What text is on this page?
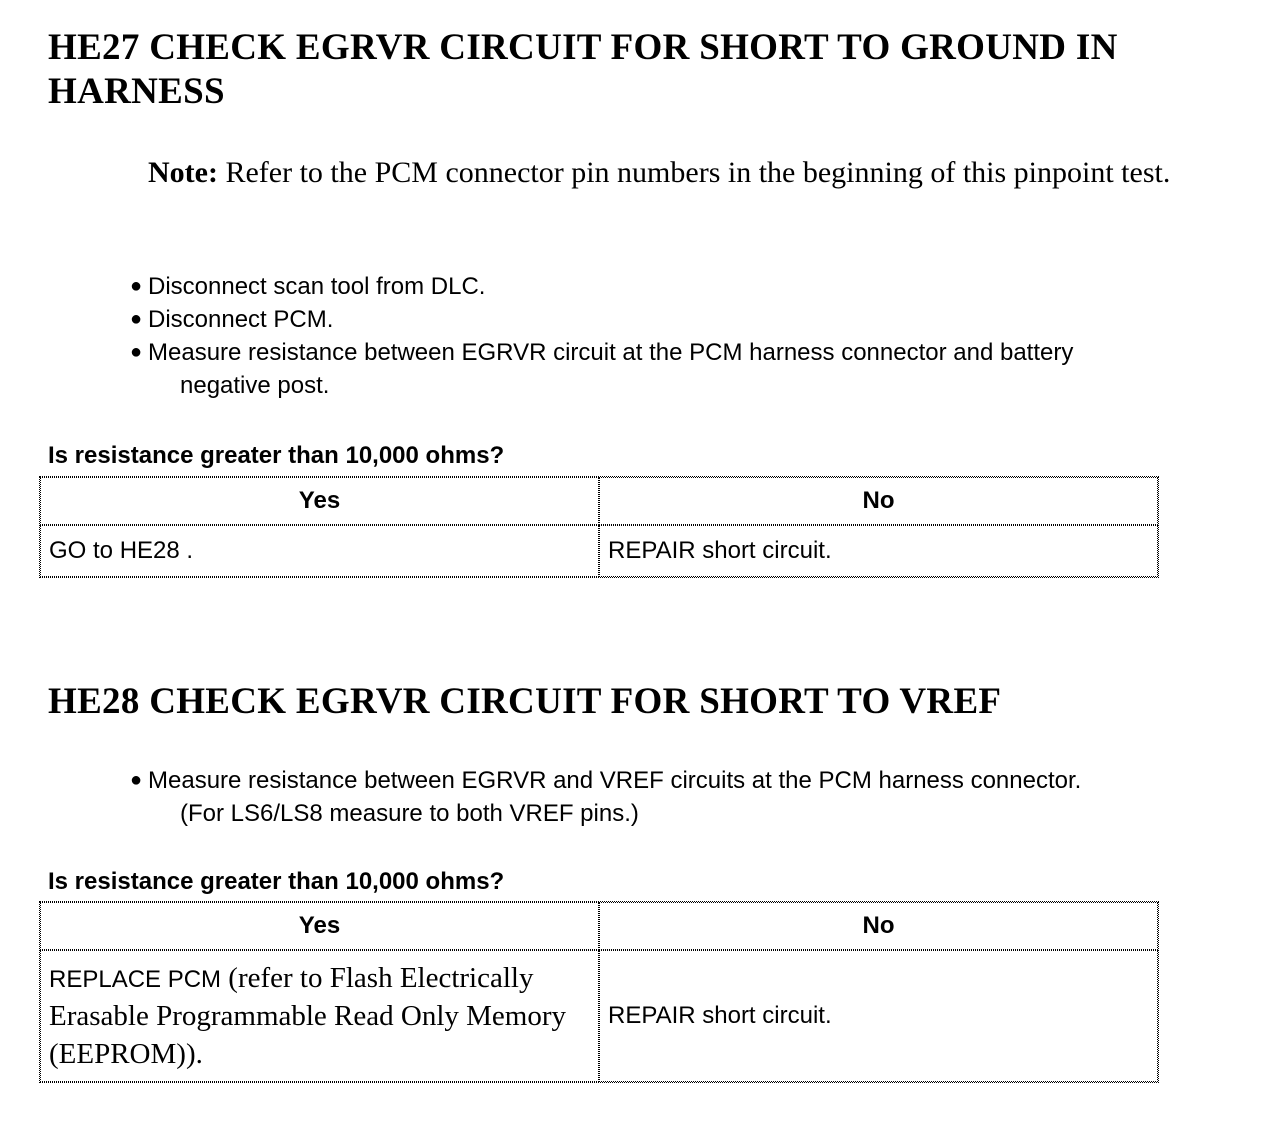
HE27 CHECK EGRVR CIRCUIT FOR SHORT TO GROUND IN HARNESS

Note: Refer to the PCM connector pin numbers in the beginning of this pinpoint test.

● Disconnect scan tool from DLC.
● Disconnect PCM.
● Measure resistance between EGRVR circuit at the PCM harness connector and battery
negative post.

Is resistance greater than 10,000 ohms?

Yes	No
GO to HE28 .	REPAIR short circuit.
HE28 CHECK EGRVR CIRCUIT FOR SHORT TO VREF
● Measure resistance between EGRVR and VREF circuits at the PCM harness connector.
(For LS6/LS8 measure to both VREF pins.)

Is resistance greater than 10,000 ohms?

Yes	No
REPLACE PCM (refer to Flash Electrically Erasable Programmable Read Only Memory (EEPROM)).	REPAIR short circuit.
